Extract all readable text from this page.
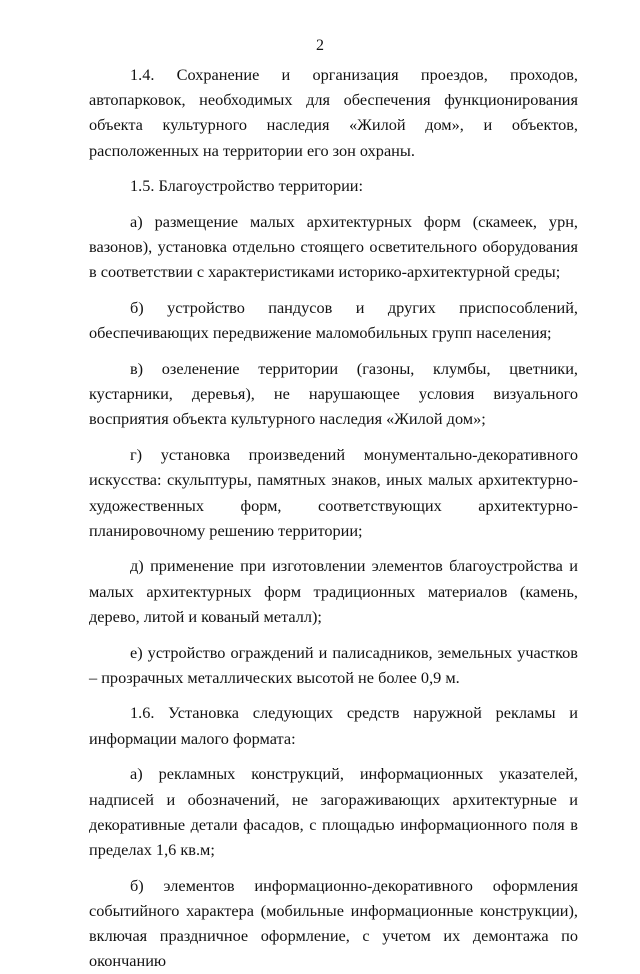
2

1.4. Сохранение и организация проездов, проходов, автопарковок, необходимых для обеспечения функционирования объекта культурного наследия «Жилой дом», и объектов, расположенных на территории его зон охраны.

1.5. Благоустройство территории:

а) размещение малых архитектурных форм (скамеек, урн, вазонов), установка отдельно стоящего осветительного оборудования в соответствии с характеристиками историко-архитектурной среды;

б) устройство пандусов и других приспособлений, обеспечивающих передвижение маломобильных групп населения;

в) озеленение территории (газоны, клумбы, цветники, кустарники, деревья), не нарушающее условия визуального восприятия объекта культурного наследия «Жилой дом»;

г) установка произведений монументально-декоративного искусства: скульптуры, памятных знаков, иных малых архитектурно-художественных форм, соответствующих архитектурно-планировочному решению территории;

д) применение при изготовлении элементов благоустройства и малых архитектурных форм традиционных материалов (камень, дерево, литой и кованый металл);

е) устройство ограждений и палисадников, земельных участков – прозрачных металлических высотой не более 0,9 м.

1.6. Установка следующих средств наружной рекламы и информации малого формата:

а) рекламных конструкций, информационных указателей, надписей и обозначений, не загораживающих архитектурные и декоративные детали фасадов, с площадью информационного поля в пределах 1,6 кв.м;

б) элементов информационно-декоративного оформления событийного характера (мобильные информационные конструкции), включая праздничное оформление, с учетом их демонтажа по окончанию
